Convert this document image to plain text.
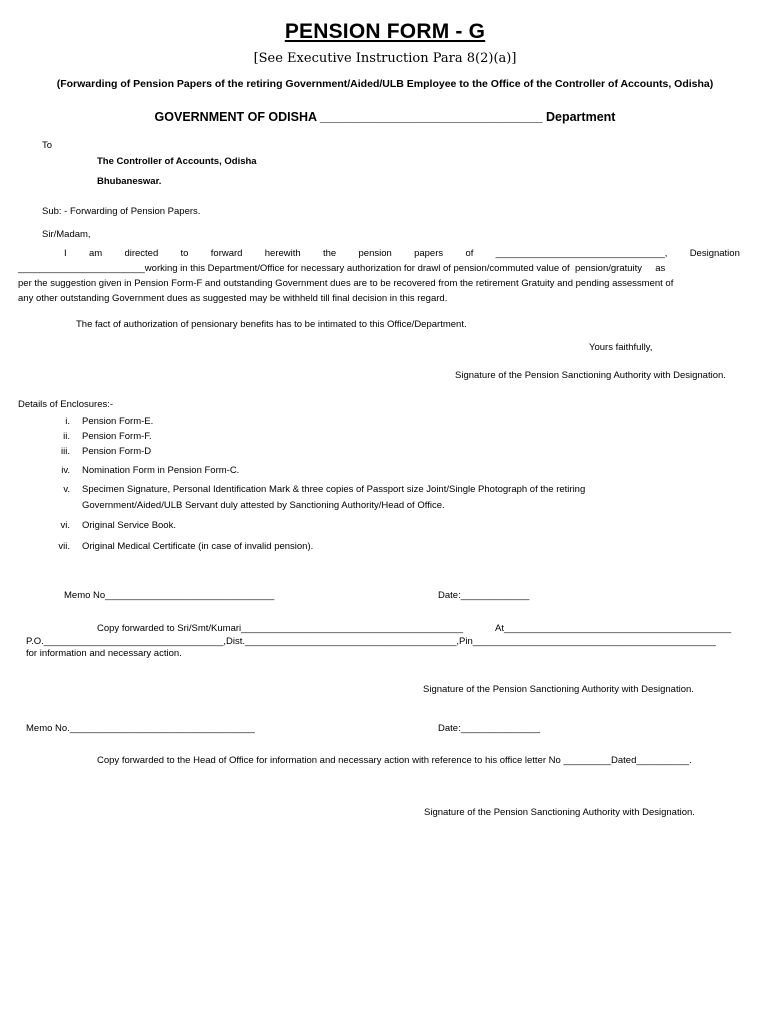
PENSION FORM - G
[See Executive Instruction Para 8(2)(a)]
(Forwarding of Pension Papers of the retiring Government/Aided/ULB Employee to the Office of the Controller of Accounts, Odisha)
GOVERNMENT OF ODISHA ________________________________ Department
To
The Controller of Accounts, Odisha
Bhubaneswar.
Sub: - Forwarding of Pension Papers.
Sir/Madam,
I am directed to forward herewith the pension papers of ________________________________, Designation
________________________working in this Department/Office for necessary authorization for drawl of pension/commuted value of  pension/gratuity     as
per the suggestion given in Pension Form-F and outstanding Government dues are to be recovered from the retirement Gratuity and pending assessment of
any other outstanding Government dues as suggested may be withheld till final decision in this regard.
The fact of authorization of pensionary benefits has to be intimated to this Office/Department.
Yours faithfully,
Signature of the Pension Sanctioning Authority with Designation.
Details of Enclosures:-
i. Pension Form-E.
ii. Pension Form-F.
iii. Pension Form-D
iv. Nomination Form in Pension Form-C.
v. Specimen Signature, Personal Identification Mark & three copies of Passport size Joint/Single Photograph of the retiring
Government/Aided/ULB Servant duly attested by Sanctioning Authority/Head of Office.
vi. Original Service Book.
vii. Original Medical Certificate (in case of invalid pension).
Memo No________________________________	Date:_____________
Copy forwarded to Sri/Smt/Kumari__________________________________________	At___________________________________________
P.O.__________________________________,Dist.________________________________________,Pin______________________________________________
for information and necessary action.
Signature of the Pension Sanctioning Authority with Designation.
Memo No.___________________________________	Date:_______________
Copy forwarded to the Head of Office for information and necessary action with reference to his office letter No _________Dated__________.
Signature of the Pension Sanctioning Authority with Designation.
